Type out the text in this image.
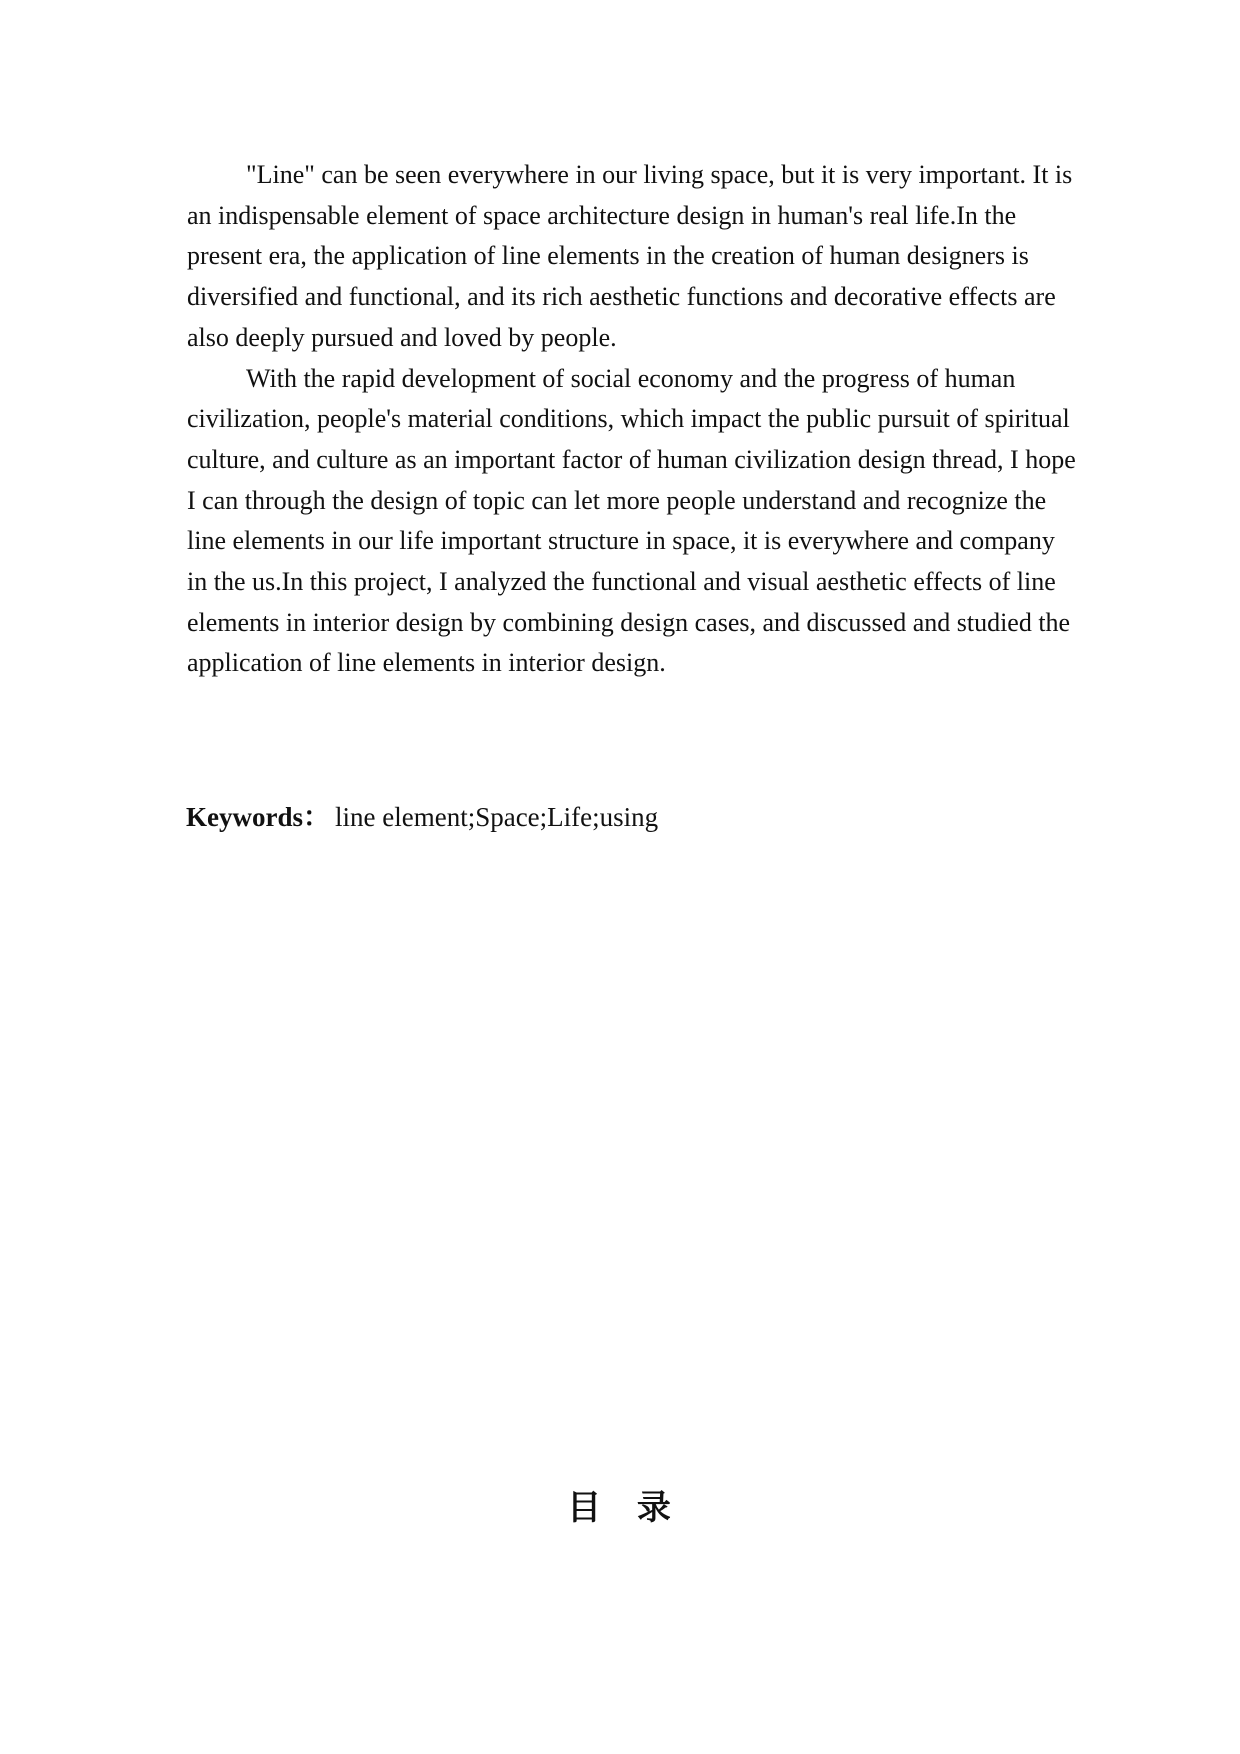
"Line" can be seen everywhere in our living space, but it is very important. It is an indispensable element of space architecture design in human's real life.In the present era, the application of line elements in the creation of human designers is diversified and functional, and its rich aesthetic functions and decorative effects are also deeply pursued and loved by people.

With the rapid development of social economy and the progress of human civilization, people's material conditions, which impact the public pursuit of spiritual culture, and culture as an important factor of human civilization design thread, I hope I can through the design of topic can let more people understand and recognize the line elements in our life important structure in space, it is everywhere and company in the us.In this project, I analyzed the functional and visual aesthetic effects of line elements in interior design by combining design cases, and discussed and studied the application of line elements in interior design.

Keywords： line element;Space;Life;using
目 录
